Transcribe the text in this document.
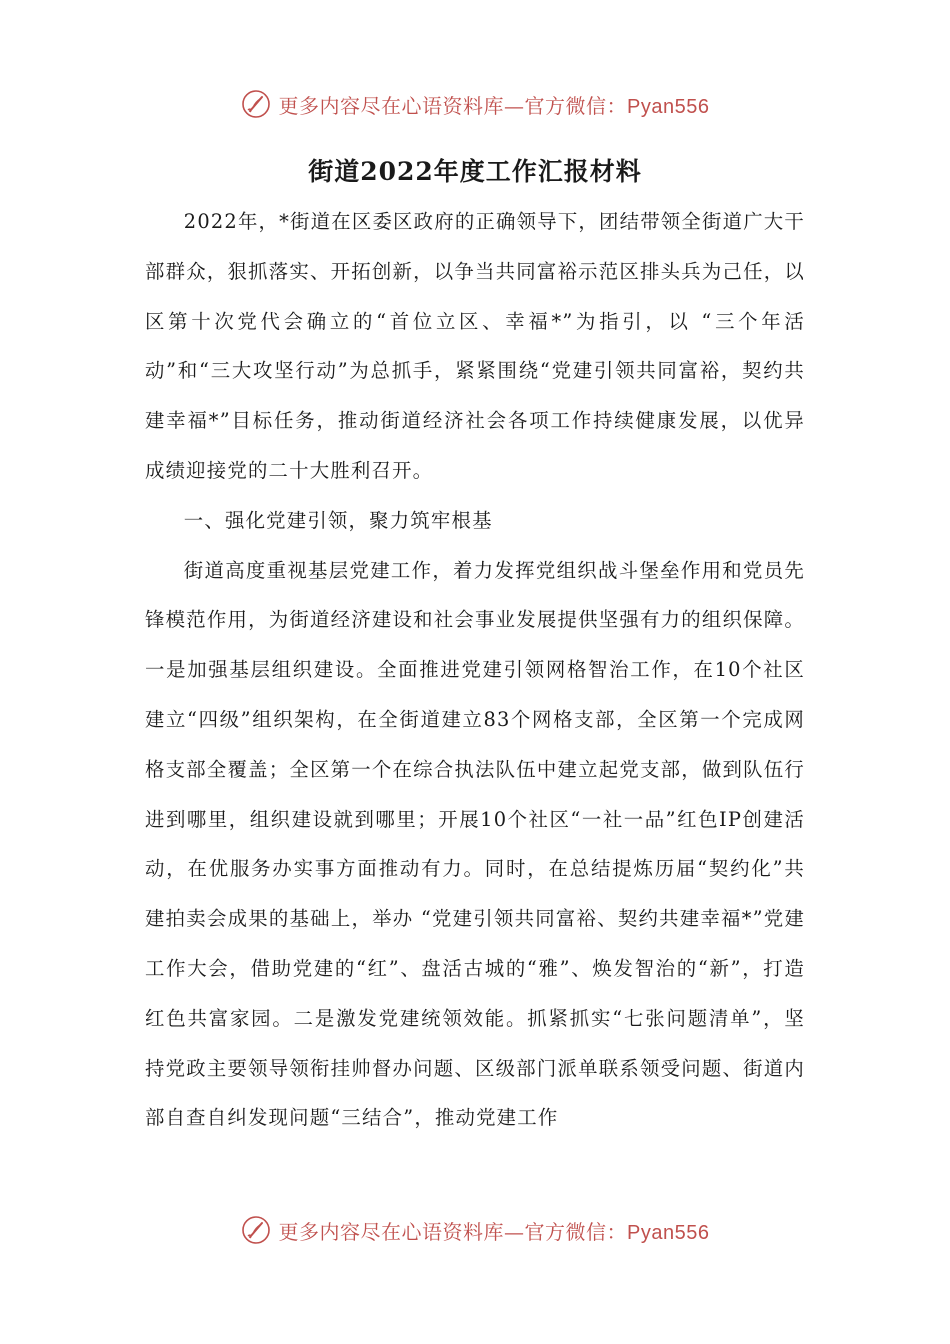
更多内容尽在心语资料库—官方微信：Pyan556
街道2022年度工作汇报材料

2022年，*街道在区委区政府的正确领导下，团结带领全街道广大干部群众，狠抓落实、开拓创新，以争当共同富裕示范区排头兵为己任，以区第十次党代会确立的“首位立区、幸福*”为指引，以 “三个年活动”和“三大攻坚行动”为总抓手，紧紧围绕“党建引领共同富裕，契约共建幸福*”目标任务，推动街道经济社会各项工作持续健康发展，以优异成绩迎接党的二十大胜利召开。

一、强化党建引领，聚力筑牢根基

街道高度重视基层党建工作，着力发挥党组织战斗堡垒作用和党员先锋模范作用，为街道经济建设和社会事业发展提供坚强有力的组织保障。一是加强基层组织建设。全面推进党建引领网格智治工作，在10个社区建立“四级”组织架构，在全街道建立83个网格支部，全区第一个完成网格支部全覆盖；全区第一个在综合执法队伍中建立起党支部，做到队伍行进到哪里，组织建设就到哪里；开展10个社区“一社一品”红色IP创建活动，在优服务办实事方面推动有力。同时，在总结提炼历届“契约化”共建拍卖会成果的基础上，举办 “党建引领共同富裕、契约共建幸福*”党建工作大会，借助党建的“红”、盘活古城的“雅”、焕发智治的“新”，打造红色共富家园。二是激发党建统领效能。抓紧抓实“七张问题清单”，坚持党政主要领导领衔挂帅督办问题、区级部门派单联系领受问题、街道内部自查自纠发现问题“三结合”，推动党建工作

更多内容尽在心语资料库—官方微信：Pyan556
